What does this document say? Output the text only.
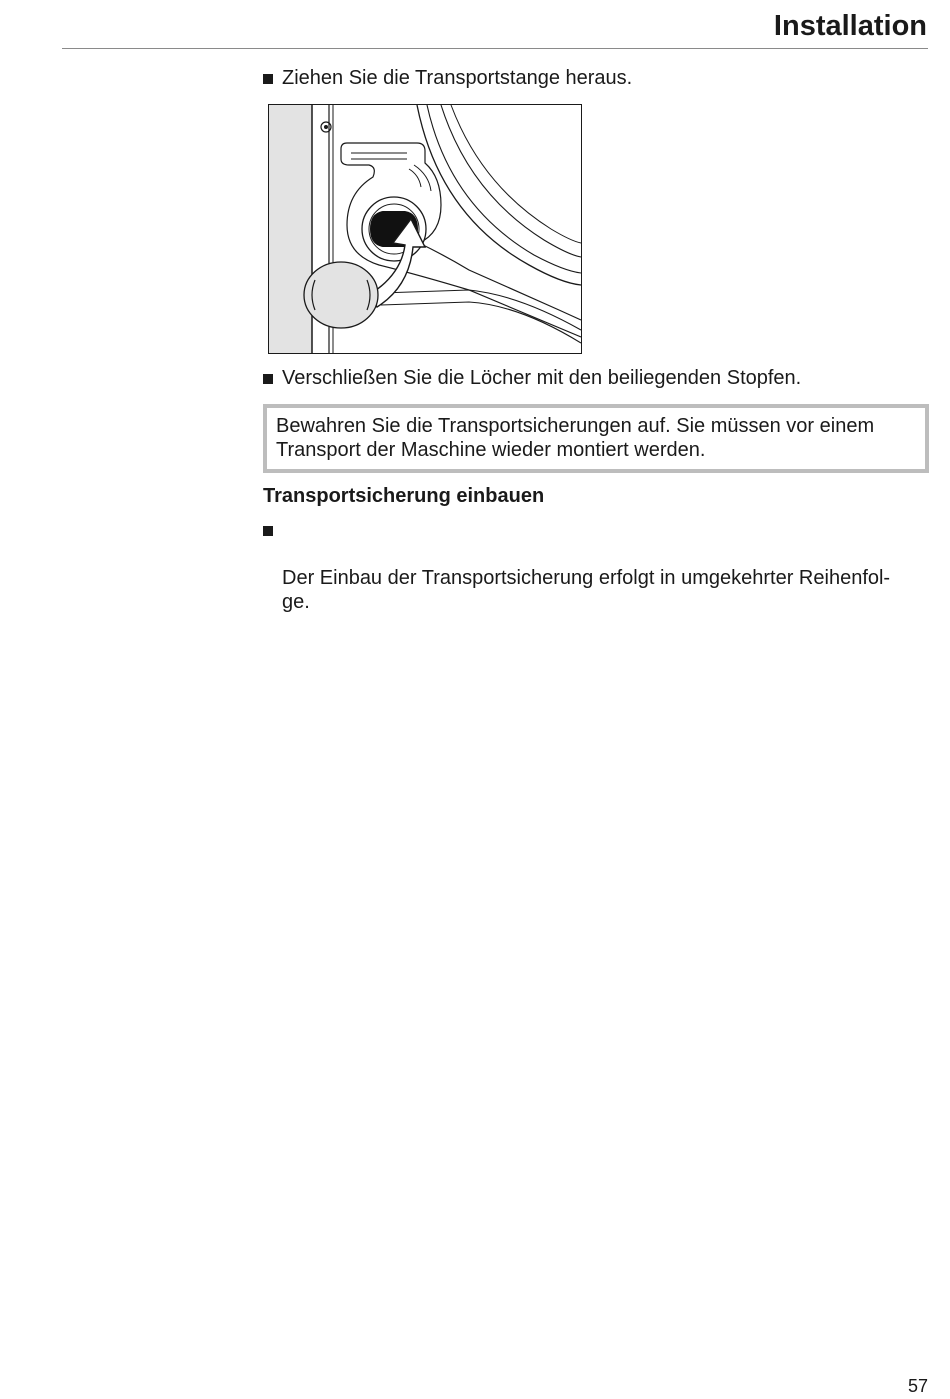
Installation
Ziehen Sie die Transportstange heraus.
Verschließen Sie die Löcher mit den beiliegenden Stopfen.
Bewahren Sie die Transportsicherungen auf. Sie müssen vor einem Transport der Maschine wieder montiert werden.
Transportsicherung einbauen

Der Einbau der Transportsicherung erfolgt in umgekehrter Reihenfol-
ge.

57
